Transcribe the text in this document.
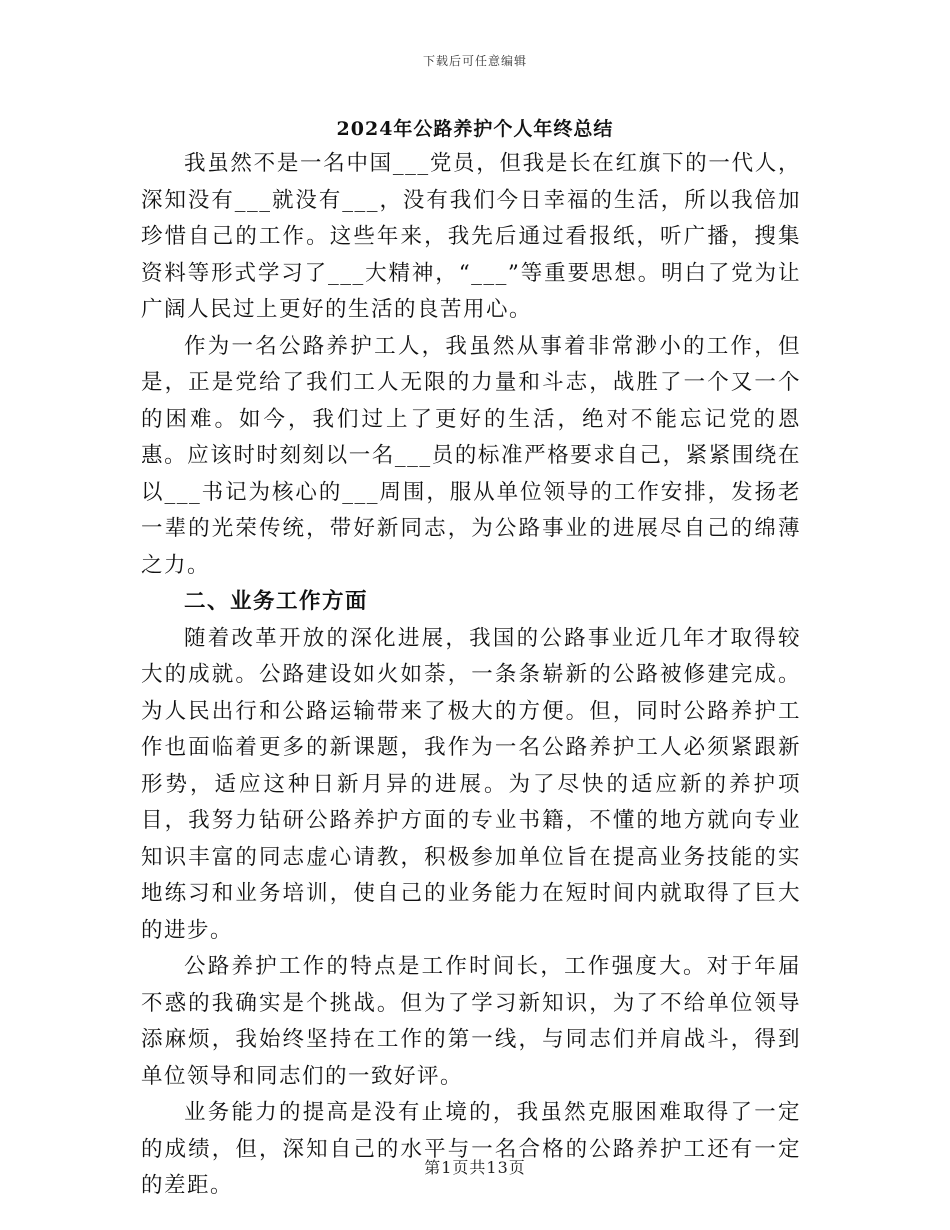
下载后可任意编辑
2024年公路养护个人年终总结

我虽然不是一名中国___党员，但我是长在红旗下的一代人，深知没有___就没有___，没有我们今日幸福的生活，所以我倍加珍惜自己的工作。这些年来，我先后通过看报纸，听广播，搜集资料等形式学习了___大精神，“___”等重要思想。明白了党为让广阔人民过上更好的生活的良苦用心。

作为一名公路养护工人，我虽然从事着非常渺小的工作，但是，正是党给了我们工人无限的力量和斗志，战胜了一个又一个的困难。如今，我们过上了更好的生活，绝对不能忘记党的恩惠。应该时时刻刻以一名___员的标准严格要求自己，紧紧围绕在以___书记为核心的___周围，服从单位领导的工作安排，发扬老一辈的光荣传统，带好新同志，为公路事业的进展尽自己的绵薄之力。

二、业务工作方面

随着改革开放的深化进展，我国的公路事业近几年才取得较大的成就。公路建设如火如荼，一条条崭新的公路被修建完成。为人民出行和公路运输带来了极大的方便。但，同时公路养护工作也面临着更多的新课题，我作为一名公路养护工人必须紧跟新形势，适应这种日新月异的进展。为了尽快的适应新的养护项目，我努力钻研公路养护方面的专业书籍，不懂的地方就向专业知识丰富的同志虚心请教，积极参加单位旨在提高业务技能的实地练习和业务培训，使自己的业务能力在短时间内就取得了巨大的进步。

公路养护工作的特点是工作时间长，工作强度大。对于年届不惑的我确实是个挑战。但为了学习新知识，为了不给单位领导添麻烦，我始终坚持在工作的第一线，与同志们并肩战斗，得到单位领导和同志们的一致好评。

业务能力的提高是没有止境的，我虽然克服困难取得了一定的成绩，但，深知自己的水平与一名合格的公路养护工还有一定的差距。

第1页共13页
